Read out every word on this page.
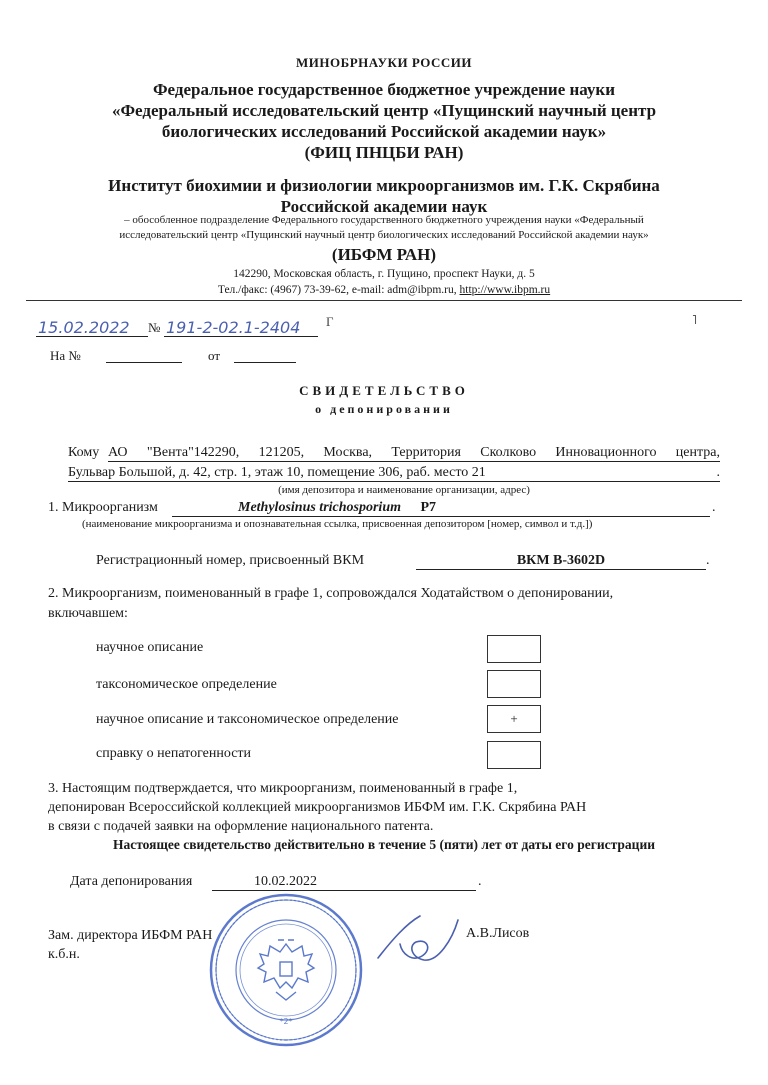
МИНОБРНАУКИ РОССИИ
Федеральное государственное бюджетное учреждение науки
«Федеральный исследовательский центр «Пущинский научный центр
биологических исследований Российской академии наук»
(ФИЦ ПНЦБИ РАН)
Институт биохимии и физиологии микроорганизмов им. Г.К. Скрябина
Российской академии наук
– обособленное подразделение Федерального государственного бюджетного учреждения науки «Федеральный
исследовательский центр «Пущинский научный центр биологических исследований Российской академии наук»
(ИБФМ РАН)
142290, Московская область, г. Пущино, проспект Науки, д. 5
Тел./факс: (4967) 73-39-62, e-mail: adm@ibpm.ru, http://www.ibpm.ru
15.02.2022 № 191-2-02.1-2404 Г	˥
На №	от
СВИДЕТЕЛЬСТВО
о депонировании
Кому АО "Вента"142290, 121205, Москва, Территория Сколково Инновационного центра,
Бульвар Большой, д. 42, стр. 1, этаж 10, помещение 306, раб. место 21	.
(имя депозитора и наименование организации, адрес)
1. Микроорганизм	Methylosinus trichosporium P7	.
(наименование микроорганизма и опознавательная ссылка, присвоенная депозитором [номер, символ и т.д.])
Регистрационный номер, присвоенный ВКМ	ВКМ В-3602D	.
2. Микроорганизм, поименованный в графе 1, сопровождался Ходатайством о депонировании,
включавшем:
научное описание
таксономическое определение
научное описание и таксономическое определение	+
справку о непатогенности
3. Настоящим подтверждается, что микроорганизм, поименованный в графе 1,
депонирован Всероссийской коллекцией микроорганизмов ИБФМ им. Г.К. Скрябина РАН
в связи с подачей заявки на оформление национального патента.
Настоящее свидетельство действительно в течение 5 (пяти) лет от даты его регистрации
Дата депонирования	10.02.2022	.
*2*
Зам. директора ИБФМ РАН
к.б.н.
А.В.Лисов
